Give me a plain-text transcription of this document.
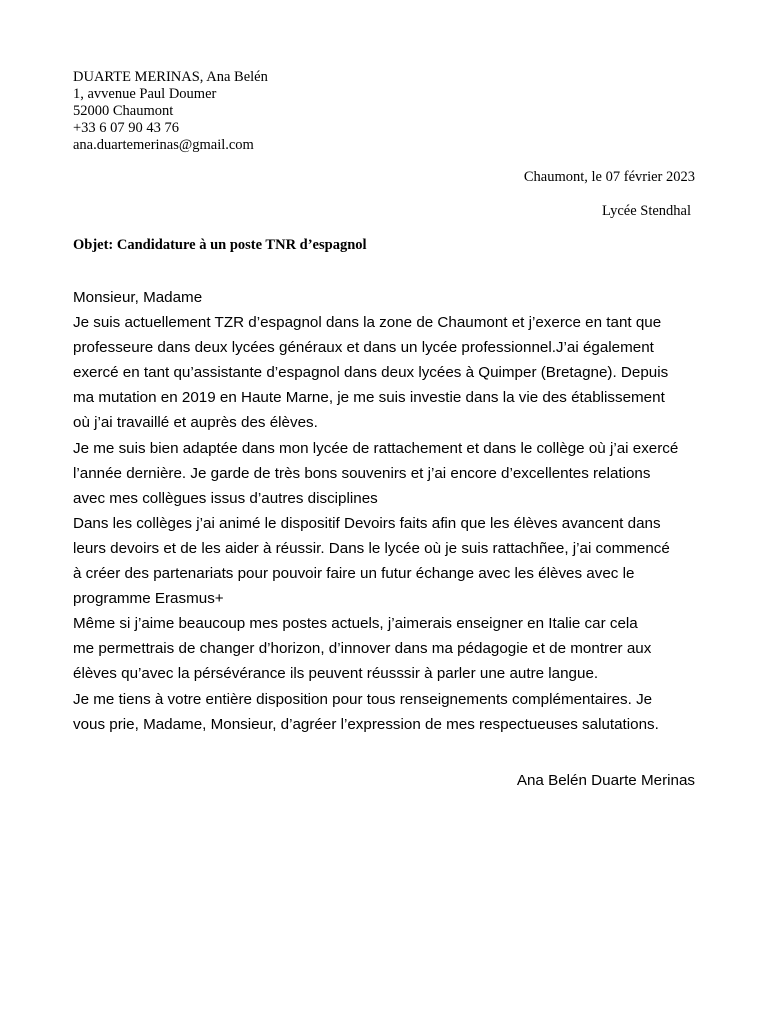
DUARTE MERINAS, Ana Belén
1, avvenue Paul Doumer
52000 Chaumont
+33 6 07 90 43 76
ana.duartemerinas@gmail.com
Chaumont, le 07 février 2023
Lycée Stendhal
Objet: Candidature à un poste TNR d’espagnol
Monsieur, Madame
Je suis actuellement TZR d’espagnol dans la zone de Chaumont et j’exerce en tant que
professeure dans deux lycées généraux et dans un lycée professionnel.J’ai également
exercé en tant qu’assistante d’espagnol dans deux lycées à Quimper (Bretagne). Depuis
ma mutation en 2019 en Haute Marne, je me suis investie dans la vie des établissement
où j’ai travaillé et auprès des élèves.
Je me suis bien adaptée dans mon lycée de rattachement et dans le collège où j’ai exercé
l’année dernière. Je garde de très bons souvenirs et j’ai encore d’excellentes relations
avec mes collègues issus d’autres disciplines
Dans les collèges j’ai animé le dispositif Devoirs faits afin que les élèves avancent dans
leurs devoirs et de les aider à réussir. Dans le lycée où je suis rattachñee, j’ai commencé
à créer des partenariats pour pouvoir faire un futur échange avec les élèves avec le
programme Erasmus+
Même si j’aime beaucoup mes postes actuels, j’aimerais enseigner en Italie car cela
me permettrais de changer d’horizon, d’innover dans ma pédagogie et de montrer aux
élèves qu’avec la pérsévérance ils peuvent réusssir à parler une autre langue.
Je me tiens à votre entière disposition pour tous renseignements complémentaires. Je
vous prie, Madame, Monsieur, d’agréer l’expression de mes respectueuses salutations.
Ana Belén Duarte Merinas
